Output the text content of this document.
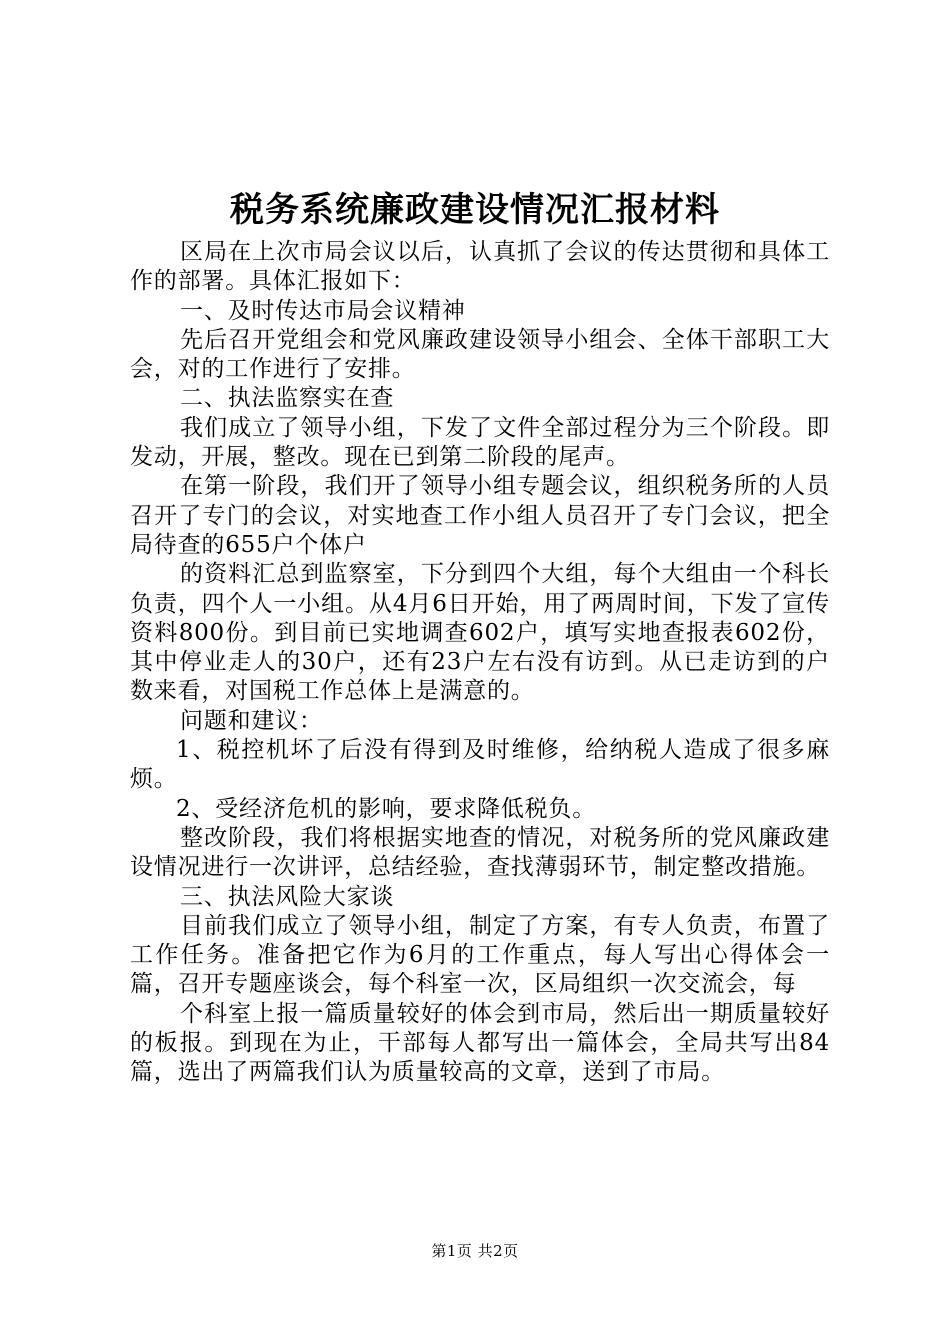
税务系统廉政建设情况汇报材料

区局在上次市局会议以后，认真抓了会议的传达贯彻和具体工作的部署。具体汇报如下：

一、及时传达市局会议精神

先后召开党组会和党风廉政建设领导小组会、全体干部职工大会，对的工作进行了安排。

二、执法监察实在查

我们成立了领导小组，下发了文件全部过程分为三个阶段。即发动，开展，整改。现在已到第二阶段的尾声。

在第一阶段，我们开了领导小组专题会议，组织税务所的人员召开了专门的会议，对实地查工作小组人员召开了专门会议，把全局待查的655户个体户

的资料汇总到监察室，下分到四个大组，每个大组由一个科长负责，四个人一小组。从4月6日开始，用了两周时间，下发了宣传资料800份。到目前已实地调查602户，填写实地查报表602份，其中停业走人的30户，还有23户左右没有访到。从已走访到的户数来看，对国税工作总体上是满意的。

问题和建议：

1、税控机坏了后没有得到及时维修，给纳税人造成了很多麻烦。

2、受经济危机的影响，要求降低税负。

整改阶段，我们将根据实地查的情况，对税务所的党风廉政建设情况进行一次讲评，总结经验，查找薄弱环节，制定整改措施。

三、执法风险大家谈

目前我们成立了领导小组，制定了方案，有专人负责，布置了工作任务。准备把它作为6月的工作重点，每人写出心得体会一篇，召开专题座谈会，每个科室一次，区局组织一次交流会，每

个科室上报一篇质量较好的体会到市局，然后出一期质量较好的板报。到现在为止，干部每人都写出一篇体会，全局共写出84篇，选出了两篇我们认为质量较高的文章，送到了市局。

第1页 共2页
